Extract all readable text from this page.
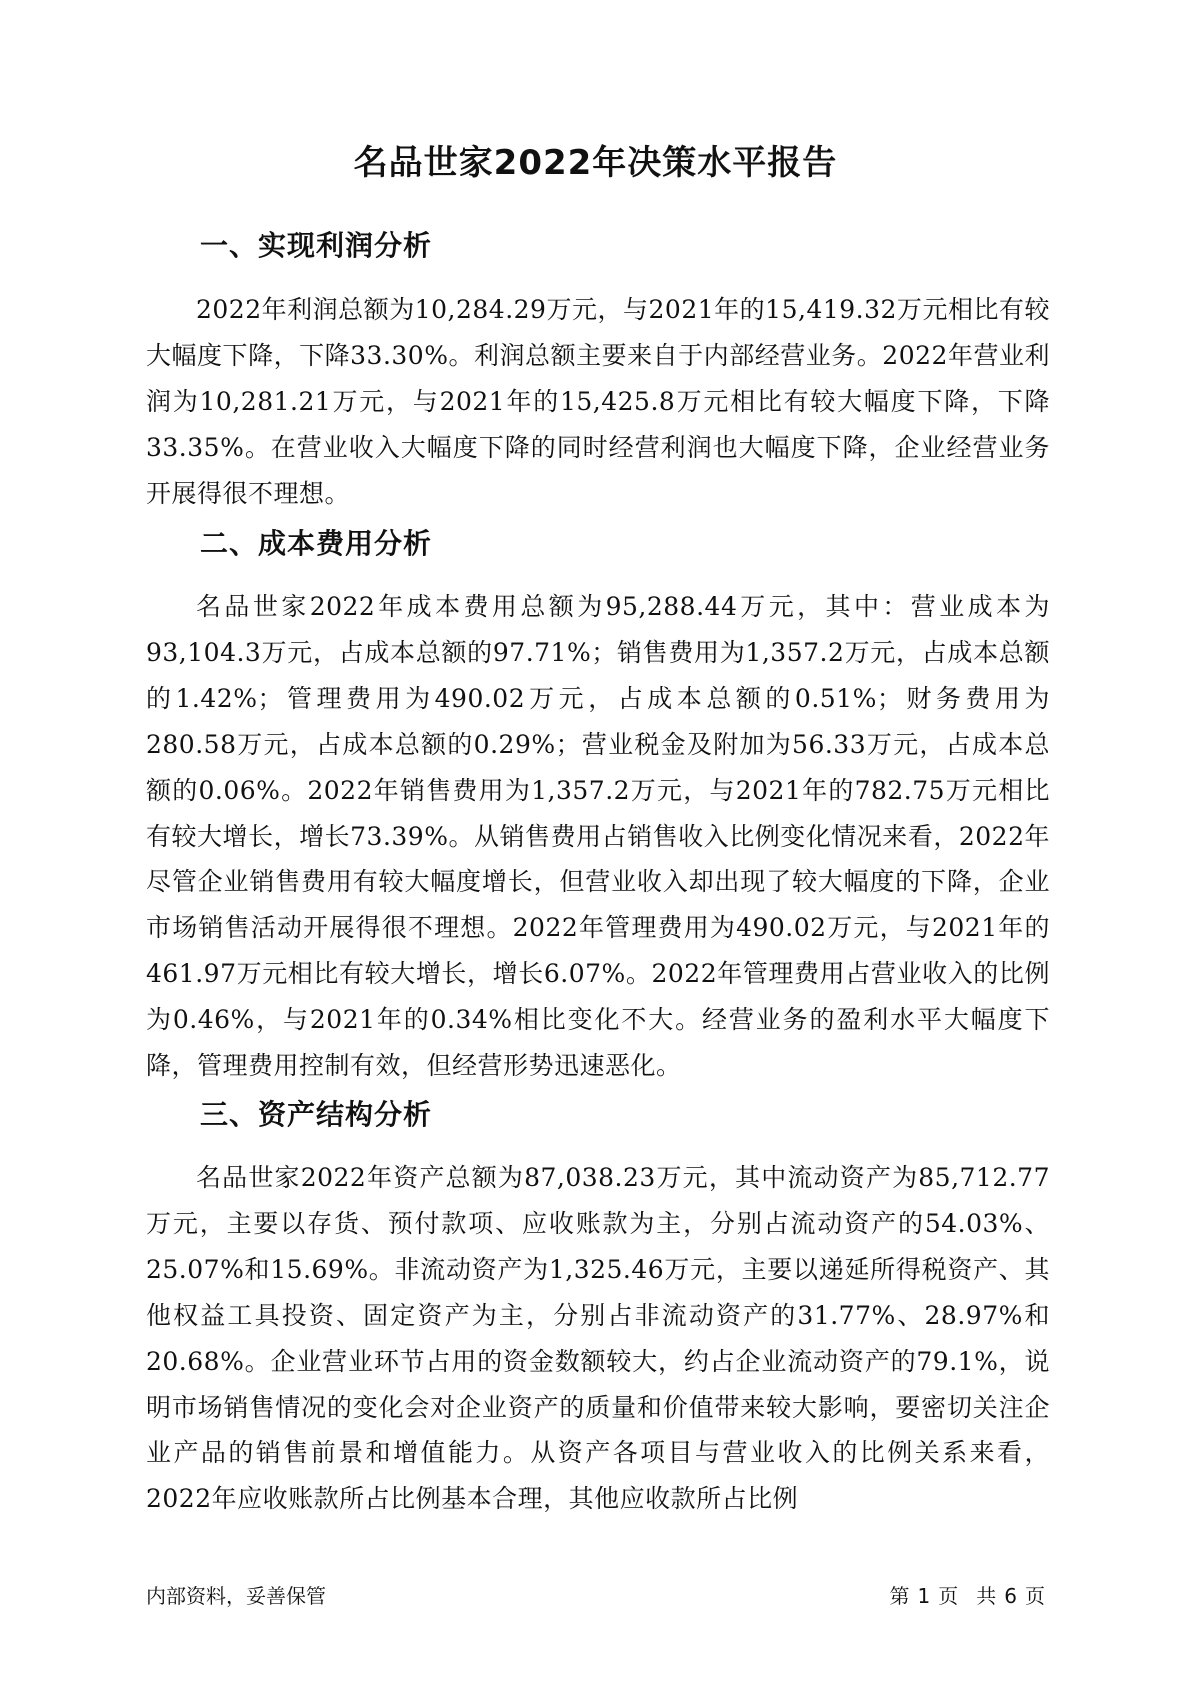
名品世家2022年决策水平报告
一、实现利润分析

2022年利润总额为10,284.29万元，与2021年的15,419.32万元相比有较大幅度下降，下降33.30%。利润总额主要来自于内部经营业务。2022年营业利润为10,281.21万元，与2021年的15,425.8万元相比有较大幅度下降，下降33.35%。在营业收入大幅度下降的同时经营利润也大幅度下降，企业经营业务开展得很不理想。

二、成本费用分析

名品世家2022年成本费用总额为95,288.44万元，其中：营业成本为93,104.3万元，占成本总额的97.71%；销售费用为1,357.2万元，占成本总额的1.42%；管理费用为490.02万元，占成本总额的0.51%；财务费用为280.58万元，占成本总额的0.29%；营业税金及附加为56.33万元，占成本总额的0.06%。2022年销售费用为1,357.2万元，与2021年的782.75万元相比有较大增长，增长73.39%。从销售费用占销售收入比例变化情况来看，2022年尽管企业销售费用有较大幅度增长，但营业收入却出现了较大幅度的下降，企业市场销售活动开展得很不理想。2022年管理费用为490.02万元，与2021年的461.97万元相比有较大增长，增长6.07%。2022年管理费用占营业收入的比例为0.46%，与2021年的0.34%相比变化不大。经营业务的盈利水平大幅度下降，管理费用控制有效，但经营形势迅速恶化。

三、资产结构分析

名品世家2022年资产总额为87,038.23万元，其中流动资产为85,712.77万元，主要以存货、预付款项、应收账款为主，分别占流动资产的54.03%、25.07%和15.69%。非流动资产为1,325.46万元，主要以递延所得税资产、其他权益工具投资、固定资产为主，分别占非流动资产的31.77%、28.97%和20.68%。企业营业环节占用的资金数额较大，约占企业流动资产的79.1%，说明市场销售情况的变化会对企业资产的质量和价值带来较大影响，要密切关注企业产品的销售前景和增值能力。从资产各项目与营业收入的比例关系来看，2022年应收账款所占比例基本合理，其他应收款所占比例

内部资料，妥善保管	第 1 页 共 6 页
